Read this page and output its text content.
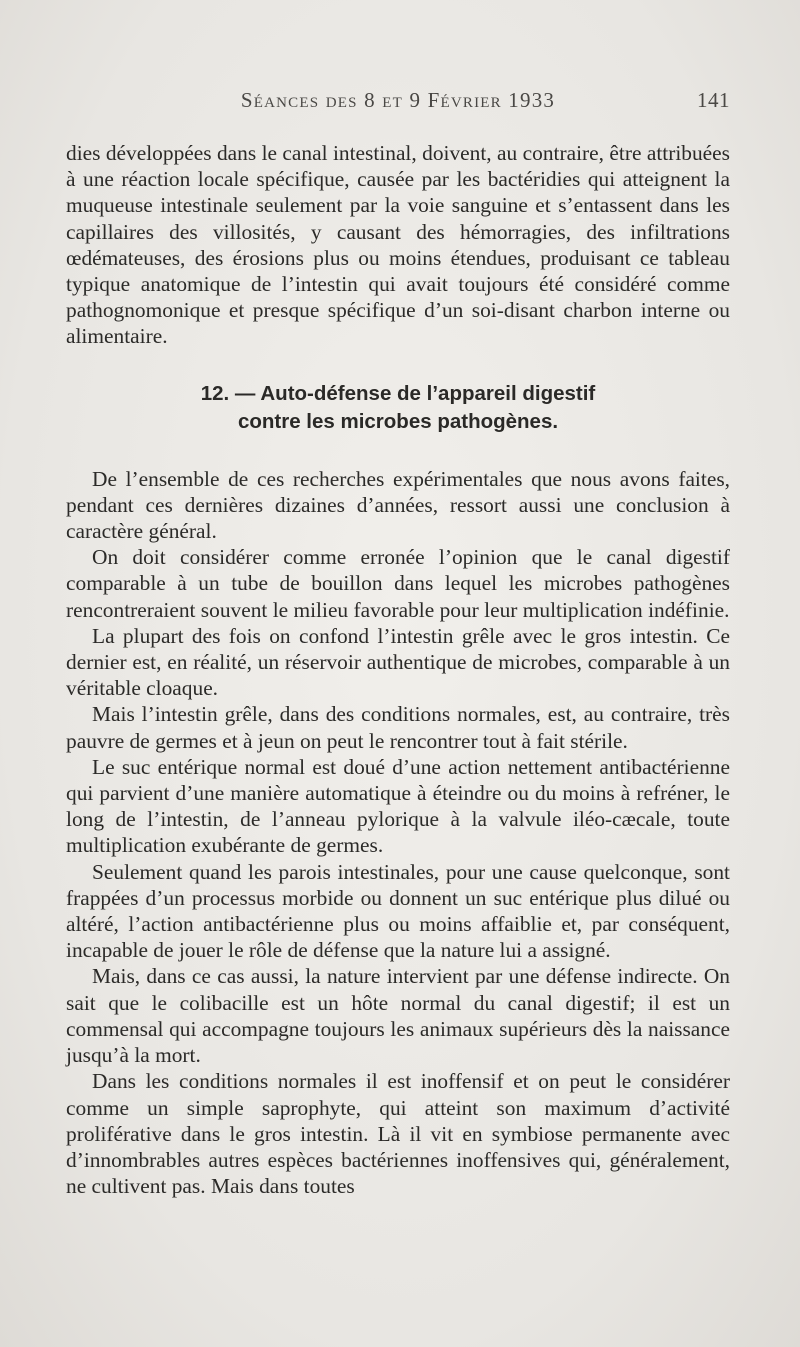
Séances des 8 et 9 Février 1933	141

dies développées dans le canal intestinal, doivent, au contraire, être attribuées à une réaction locale spécifique, causée par les bactéridies qui atteignent la muqueuse intestinale seulement par la voie sanguine et s’entassent dans les capillaires des villosités, y causant des hémorragies, des infiltrations œdémateuses, des érosions plus ou moins étendues, produisant ce tableau typique anatomique de l’intestin qui avait toujours été considéré comme pathognomonique et presque spécifique d’un soi-disant charbon interne ou alimentaire.

12. — Auto-défense de l’appareil digestif
contre les microbes pathogènes.

De l’ensemble de ces recherches expérimentales que nous avons faites, pendant ces dernières dizaines d’années, ressort aussi une conclusion à caractère général.

On doit considérer comme erronée l’opinion que le canal digestif comparable à un tube de bouillon dans lequel les microbes pathogènes rencontreraient souvent le milieu favorable pour leur multiplication indéfinie.

La plupart des fois on confond l’intestin grêle avec le gros intestin. Ce dernier est, en réalité, un réservoir authentique de microbes, comparable à un véritable cloaque.

Mais l’intestin grêle, dans des conditions normales, est, au contraire, très pauvre de germes et à jeun on peut le rencontrer tout à fait stérile.

Le suc entérique normal est doué d’une action nettement antibactérienne qui parvient d’une manière automatique à éteindre ou du moins à refréner, le long de l’intestin, de l’anneau pylorique à la valvule iléo-cæcale, toute multiplication exubérante de germes.

Seulement quand les parois intestinales, pour une cause quelconque, sont frappées d’un processus morbide ou donnent un suc entérique plus dilué ou altéré, l’action antibactérienne plus ou moins affaiblie et, par conséquent, incapable de jouer le rôle de défense que la nature lui a assigné.

Mais, dans ce cas aussi, la nature intervient par une défense indirecte. On sait que le colibacille est un hôte normal du canal digestif; il est un commensal qui accompagne toujours les animaux supérieurs dès la naissance jusqu’à la mort.

Dans les conditions normales il est inoffensif et on peut le considérer comme un simple saprophyte, qui atteint son maximum d’activité proliférative dans le gros intestin. Là il vit en symbiose permanente avec d’innombrables autres espèces bactériennes inoffensives qui, généralement, ne cultivent pas. Mais dans toutes
